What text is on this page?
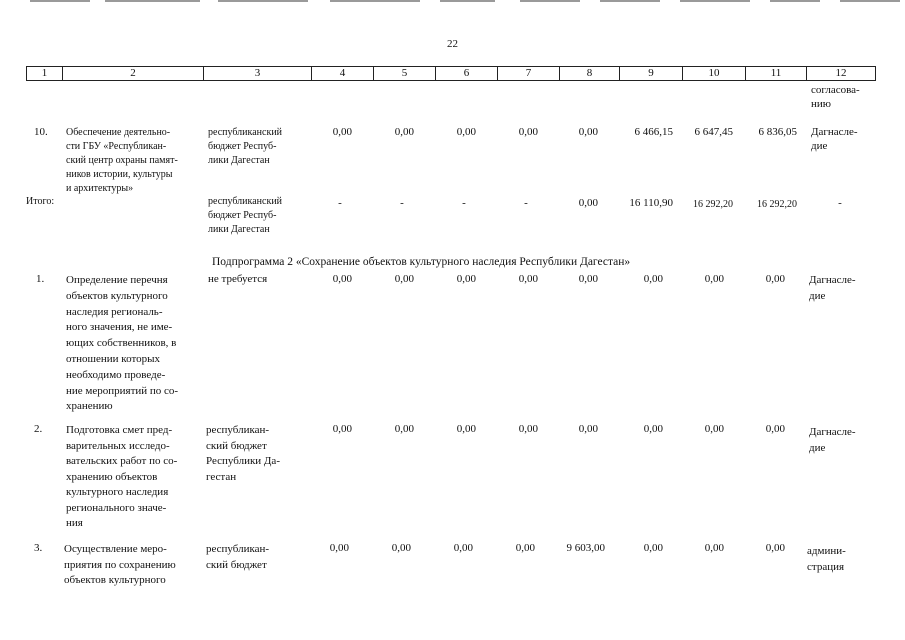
22
1	2	3	4	5	6	7	8	9	10	11	12
согласова-
нию
10. Обеспечение деятельно-
сти ГБУ «Республикан-
ский центр охраны памят-
ников истории, культуры
и архитектуры»
республиканский
бюджет Респуб-
лики Дагестан
0,00	0,00	0,00	0,00	0,00	6 466,15	6 647,45	6 836,05 Дагнасле-
дие
Итого:	республиканский
бюджет Респуб-
лики Дагестан
-	-	-	-	0,00	16 110,90	16 292,20	16 292,20	-
Подпрограмма 2 «Сохранение объектов культурного наследия Республики Дагестан»
1. Определение перечня
объектов культурного
наследия региональ-
ного значения, не име-
ющих собственников, в
отношении которых
необходимо проведе-
ние мероприятий по со-
хранению
не требуется	0,00	0,00	0,00	0,00	0,00	0,00	0,00	0,00 Дагнасле-
дие
2. Подготовка смет пред-
варительных исследо-
вательских работ по со-
хранению объектов
культурного наследия
регионального значе-
ния
республикан-
ский бюджет
Республики Да-
гестан
0,00	0,00	0,00	0,00	0,00	0,00	0,00	0,00 Дагнасле-
дие
3. Осуществление меро-
приятия по сохранению
объектов культурного
республикан-
ский бюджет
0,00	0,00	0,00	0,00	9 603,00	0,00	0,00	0,00 админи-
страция
